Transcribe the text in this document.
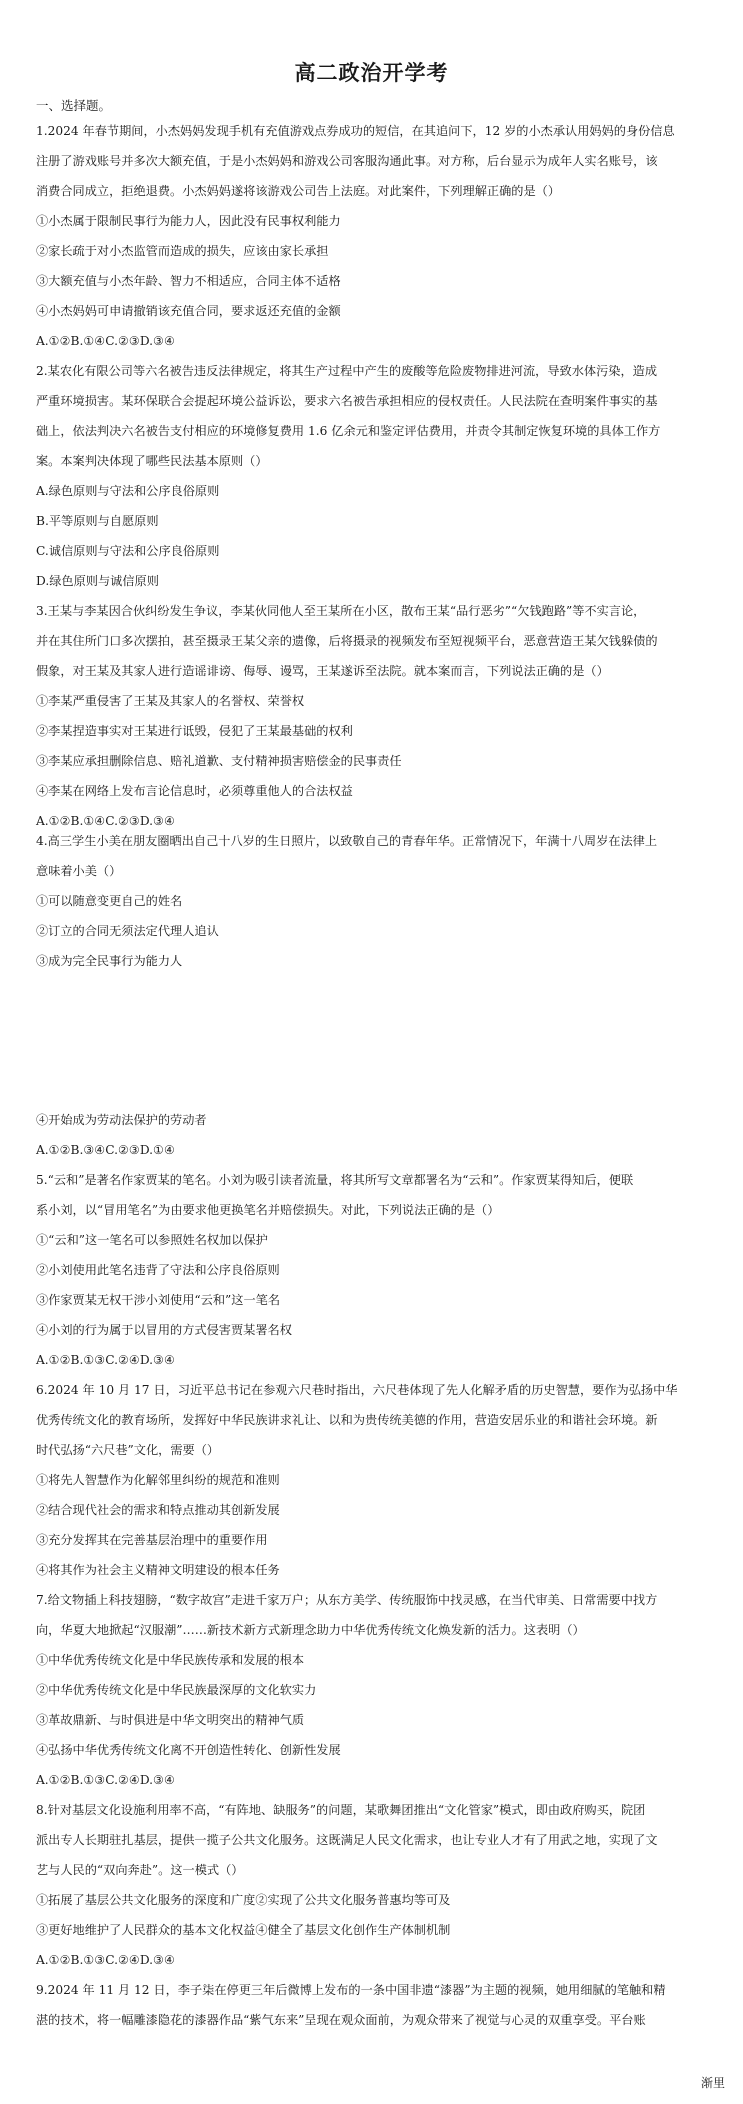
高二政治开学考
一、选择题。
1.2024 年春节期间，小杰妈妈发现手机有充值游戏点券成功的短信，在其追问下，12 岁的小杰承认用妈妈的身份信息
注册了游戏账号并多次大额充值，于是小杰妈妈和游戏公司客服沟通此事。对方称，后台显示为成年人实名账号，该
消费合同成立，拒绝退费。小杰妈妈遂将该游戏公司告上法庭。对此案件，下列理解正确的是（）
①小杰属于限制民事行为能力人，因此没有民事权利能力
②家长疏于对小杰监管而造成的损失，应该由家长承担
③大额充值与小杰年龄、智力不相适应，合同主体不适格
④小杰妈妈可申请撤销该充值合同，要求返还充值的金额
A.①②B.①④C.②③D.③④
2.某农化有限公司等六名被告违反法律规定，将其生产过程中产生的废酸等危险废物排进河流，导致水体污染，造成
严重环境损害。某环保联合会提起环境公益诉讼，要求六名被告承担相应的侵权责任。人民法院在查明案件事实的基
础上，依法判决六名被告支付相应的环境修复费用 1.6 亿余元和鉴定评估费用，并责令其制定恢复环境的具体工作方
案。本案判决体现了哪些民法基本原则（）
A.绿色原则与守法和公序良俗原则
B.平等原则与自愿原则
C.诚信原则与守法和公序良俗原则
D.绿色原则与诚信原则
3.王某与李某因合伙纠纷发生争议，李某伙同他人至王某所在小区，散布王某“品行恶劣”“欠钱跑路”等不实言论，
并在其住所门口多次摆拍，甚至摄录王某父亲的遗像，后将摄录的视频发布至短视频平台，恶意营造王某欠钱躲债的
假象，对王某及其家人进行造谣诽谤、侮辱、谩骂，王某遂诉至法院。就本案而言，下列说法正确的是（）
①李某严重侵害了王某及其家人的名誉权、荣誉权
②李某捏造事实对王某进行诋毁，侵犯了王某最基础的权利
③李某应承担删除信息、赔礼道歉、支付精神损害赔偿金的民事责任
④李某在网络上发布言论信息时，必须尊重他人的合法权益
A.①②B.①④C.②③D.③④
4.高三学生小美在朋友圈晒出自己十八岁的生日照片，以致敬自己的青春年华。正常情况下，年满十八周岁在法律上
意味着小美（）
①可以随意变更自己的姓名
②订立的合同无须法定代理人追认
③成为完全民事行为能力人
④开始成为劳动法保护的劳动者
A.①②B.③④C.②③D.①④
5.“云和”是著名作家贾某的笔名。小刘为吸引读者流量，将其所写文章都署名为“云和”。作家贾某得知后，便联
系小刘，以“冒用笔名”为由要求他更换笔名并赔偿损失。对此，下列说法正确的是（）
①“云和”这一笔名可以参照姓名权加以保护
②小刘使用此笔名违背了守法和公序良俗原则
③作家贾某无权干涉小刘使用“云和”这一笔名
④小刘的行为属于以冒用的方式侵害贾某署名权
A.①②B.①③C.②④D.③④
6.2024 年 10 月 17 日，习近平总书记在参观六尺巷时指出，六尺巷体现了先人化解矛盾的历史智慧，要作为弘扬中华
优秀传统文化的教育场所，发挥好中华民族讲求礼让、以和为贵传统美德的作用，营造安居乐业的和谐社会环境。新
时代弘扬“六尺巷”文化，需要（）
①将先人智慧作为化解邻里纠纷的规范和准则
②结合现代社会的需求和特点推动其创新发展
③充分发挥其在完善基层治理中的重要作用
④将其作为社会主义精神文明建设的根本任务
7.给文物插上科技翅膀，“数字故宫”走进千家万户；从东方美学、传统服饰中找灵感，在当代审美、日常需要中找方
向，华夏大地掀起“汉服潮”……新技术新方式新理念助力中华优秀传统文化焕发新的活力。这表明（）
①中华优秀传统文化是中华民族传承和发展的根本
②中华优秀传统文化是中华民族最深厚的文化软实力
③革故鼎新、与时俱进是中华文明突出的精神气质
④弘扬中华优秀传统文化离不开创造性转化、创新性发展
A.①②B.①③C.②④D.③④
8.针对基层文化设施利用率不高，“有阵地、缺服务”的问题，某歌舞团推出“文化管家”模式，即由政府购买，院团
派出专人长期驻扎基层，提供一揽子公共文化服务。这既满足人民文化需求，也让专业人才有了用武之地，实现了文
艺与人民的“双向奔赴”。这一模式（）
①拓展了基层公共文化服务的深度和广度②实现了公共文化服务普惠均等可及
③更好地维护了人民群众的基本文化权益④健全了基层文化创作生产体制机制
A.①②B.①③C.②④D.③④
9.2024 年 11 月 12 日，李子柒在停更三年后微博上发布的一条中国非遗“漆器”为主题的视频，她用细腻的笔触和精
湛的技术，将一幅雕漆隐花的漆器作品“紫气东来”呈现在观众面前，为观众带来了视觉与心灵的双重享受。平台账
渐里
